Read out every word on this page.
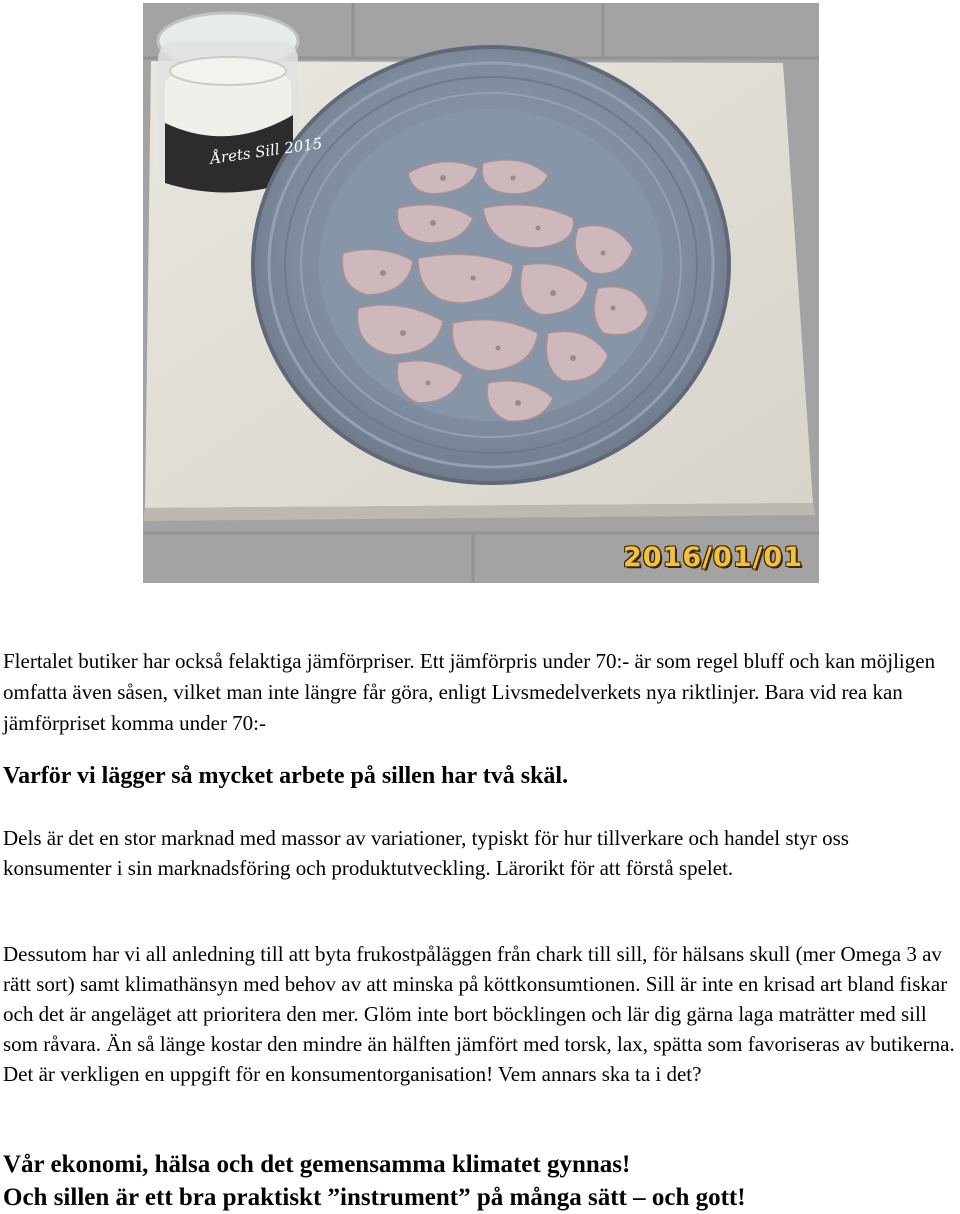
Årets Sill 2015
2016/01/01

Flertalet butiker har också felaktiga jämförpriser. Ett jämförpris under 70:- är som regel bluff och kan möjligen omfatta även såsen, vilket man inte längre får göra, enligt Livsmedelverkets nya riktlinjer. Bara vid rea kan jämförpriset komma under 70:-

Varför vi lägger så mycket arbete på sillen har två skäl.

Dels är det en stor marknad med massor av variationer, typiskt för hur tillverkare och handel styr oss konsumenter i sin marknadsföring och produktutveckling. Lärorikt för att förstå spelet.

Dessutom har vi all anledning till att byta frukostpåläggen från chark till sill, för hälsans skull (mer Omega 3 av rätt sort) samt klimathänsyn med behov av att minska på köttkonsumtionen. Sill är inte en krisad art bland fiskar och det är angeläget att prioritera den mer. Glöm inte bort böcklingen och lär dig gärna laga maträtter med sill som råvara. Än så länge kostar den mindre än hälften jämfört med torsk, lax, spätta som favoriseras av butikerna.
Det är verkligen en uppgift för en konsumentorganisation! Vem annars ska ta i det?
Vår ekonomi, hälsa och det gemensamma klimatet gynnas!
Och sillen är ett bra praktiskt ”instrument” på många sätt – och gott!
